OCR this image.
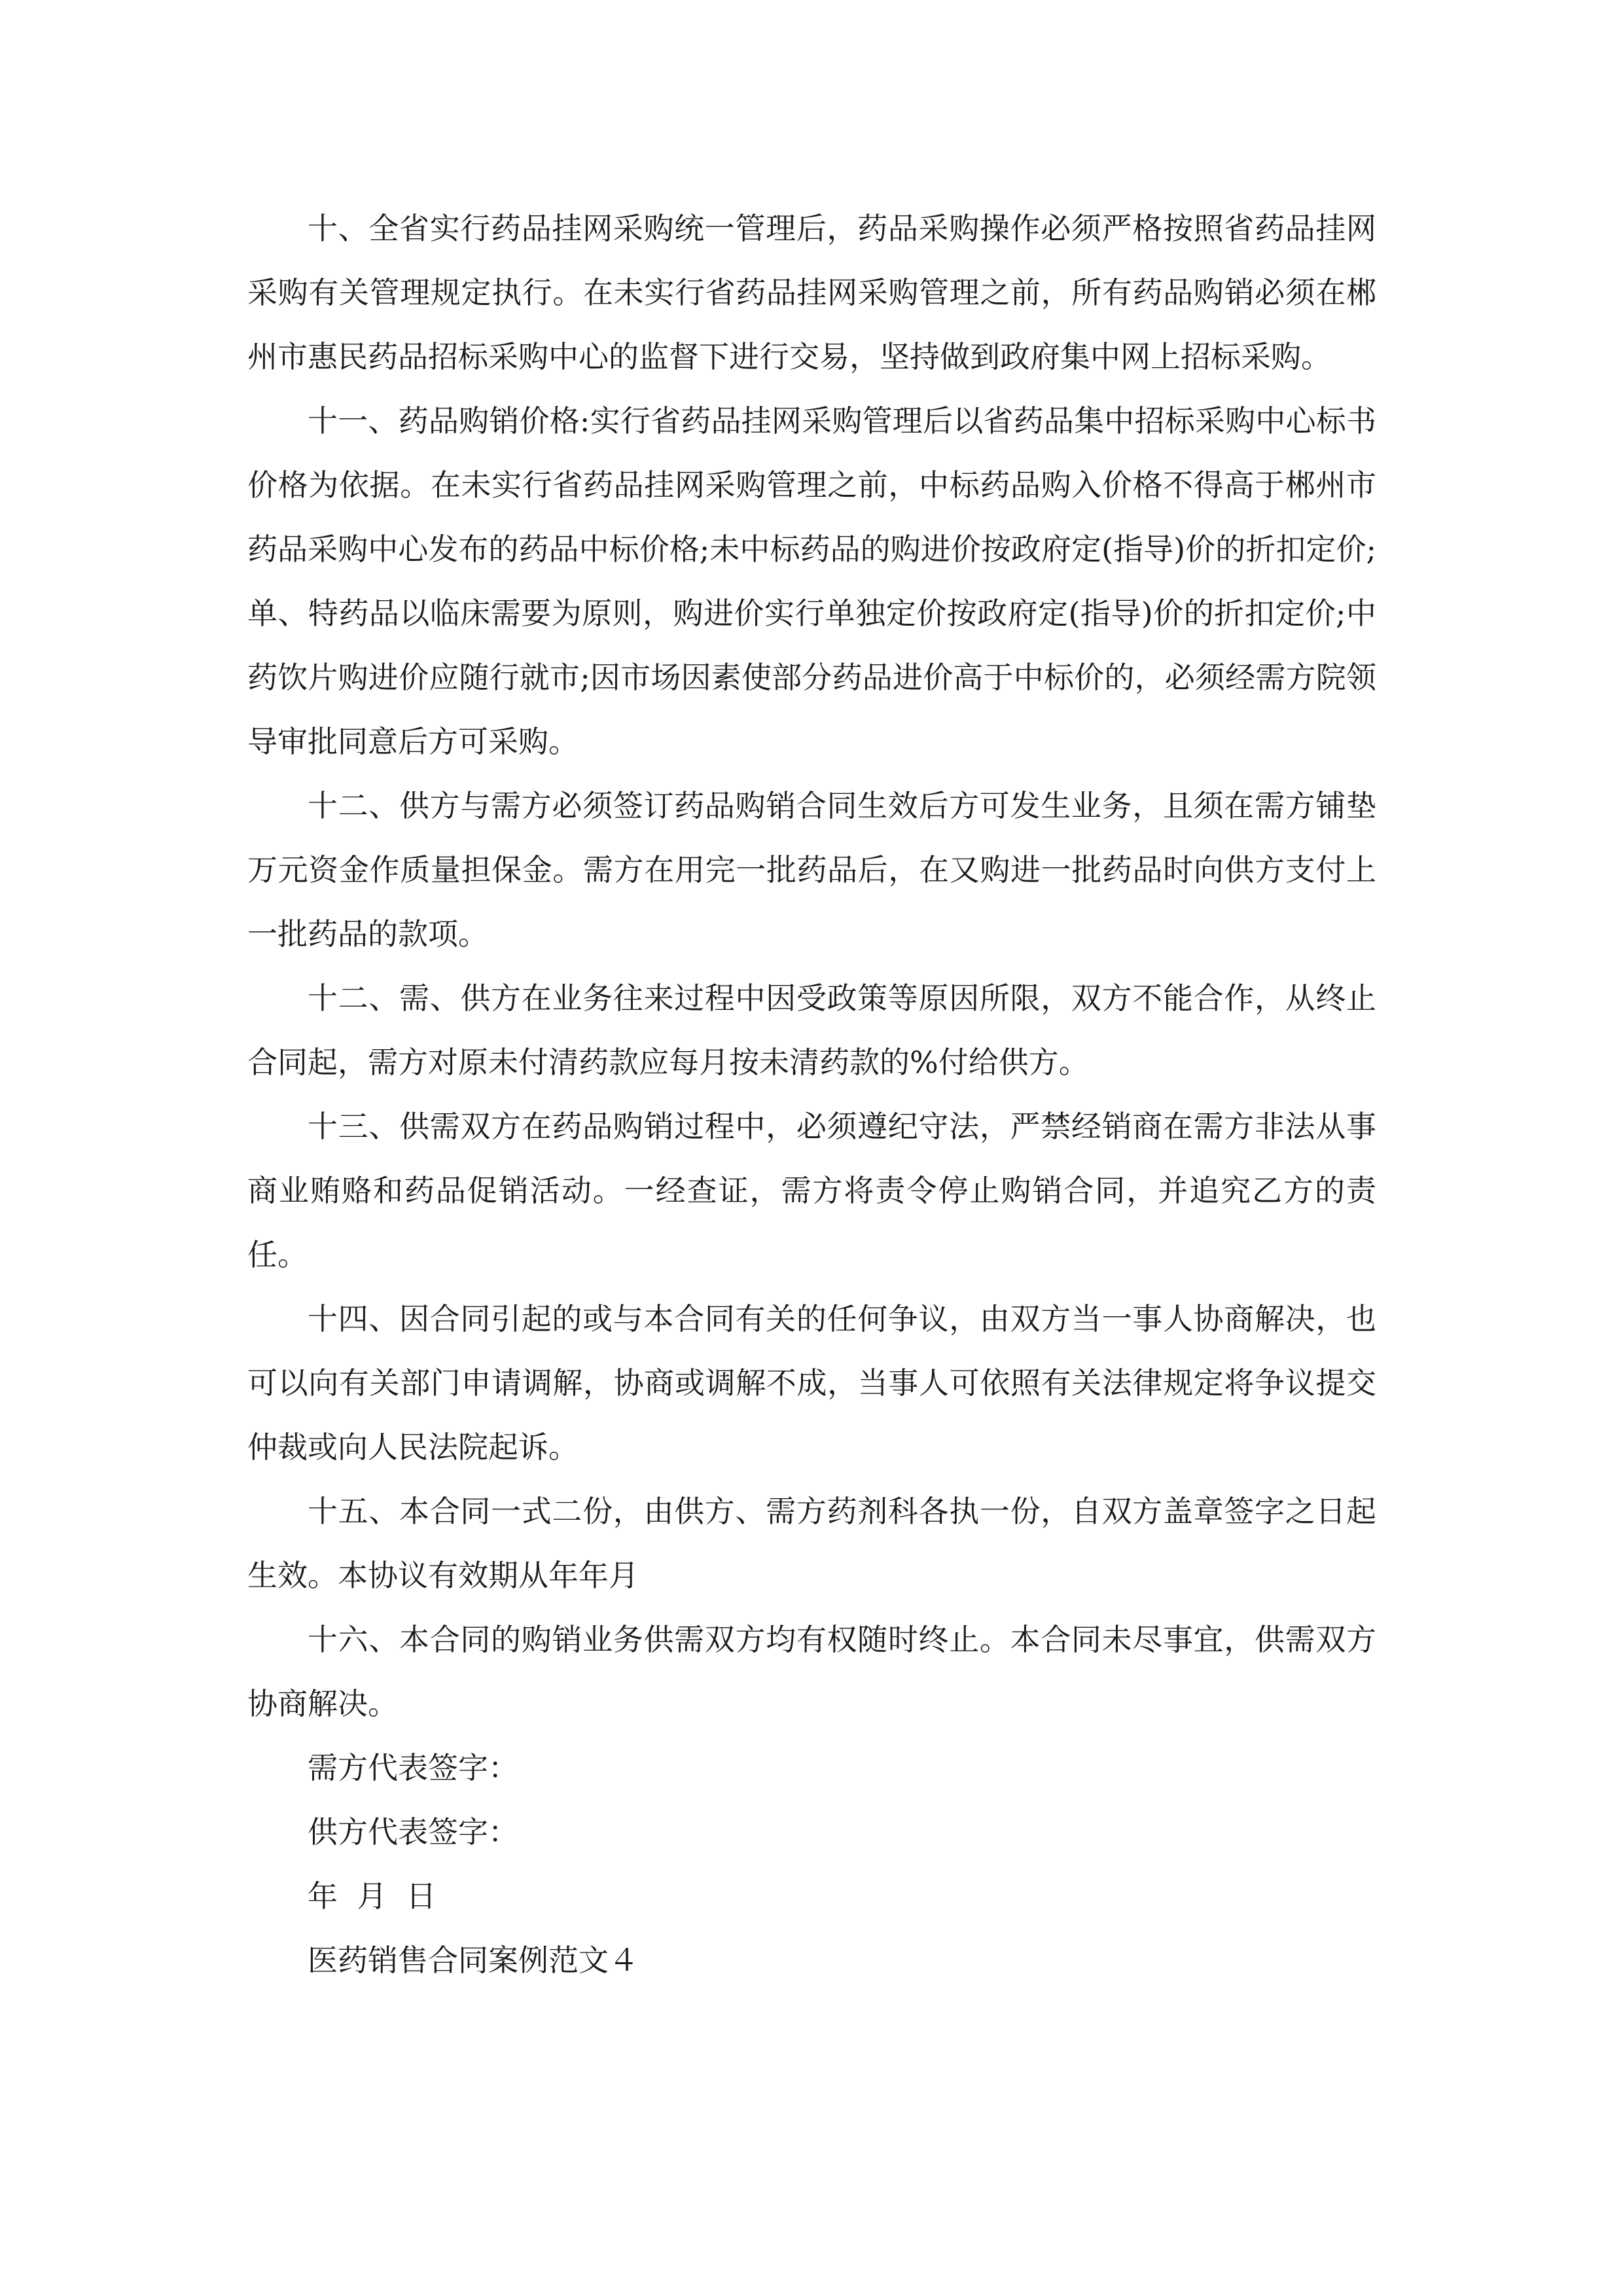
十、全省实行药品挂网采购统一管理后，药品采购操作必须严格按照省药品挂网采购有关管理规定执行。在未实行省药品挂网采购管理之前，所有药品购销必须在郴州市惠民药品招标采购中心的监督下进行交易，坚持做到政府集中网上招标采购。

十一、药品购销价格:实行省药品挂网采购管理后以省药品集中招标采购中心标书价格为依据。在未实行省药品挂网采购管理之前，中标药品购入价格不得高于郴州市药品采购中心发布的药品中标价格;未中标药品的购进价按政府定(指导)价的折扣定价;单、特药品以临床需要为原则，购进价实行单独定价按政府定(指导)价的折扣定价;中药饮片购进价应随行就市;因市场因素使部分药品进价高于中标价的，必须经需方院领导审批同意后方可采购。

十二、供方与需方必须签订药品购销合同生效后方可发生业务，且须在需方铺垫万元资金作质量担保金。需方在用完一批药品后，在又购进一批药品时向供方支付上一批药品的款项。

十二、需、供方在业务往来过程中因受政策等原因所限，双方不能合作，从终止合同起，需方对原未付清药款应每月按未清药款的%付给供方。

十三、供需双方在药品购销过程中，必须遵纪守法，严禁经销商在需方非法从事商业贿赂和药品促销活动。一经查证，需方将责令停止购销合同，并追究乙方的责任。

十四、因合同引起的或与本合同有关的任何争议，由双方当一事人协商解决，也可以向有关部门申请调解，协商或调解不成，当事人可依照有关法律规定将争议提交仲裁或向人民法院起诉。

十五、本合同一式二份，由供方、需方药剂科各执一份，自双方盖章签字之日起生效。本协议有效期从年年月

十六、本合同的购销业务供需双方均有权随时终止。本合同未尽事宜，供需双方协商解决。

需方代表签字：

供方代表签字：

年  月  日

医药销售合同案例范文４
